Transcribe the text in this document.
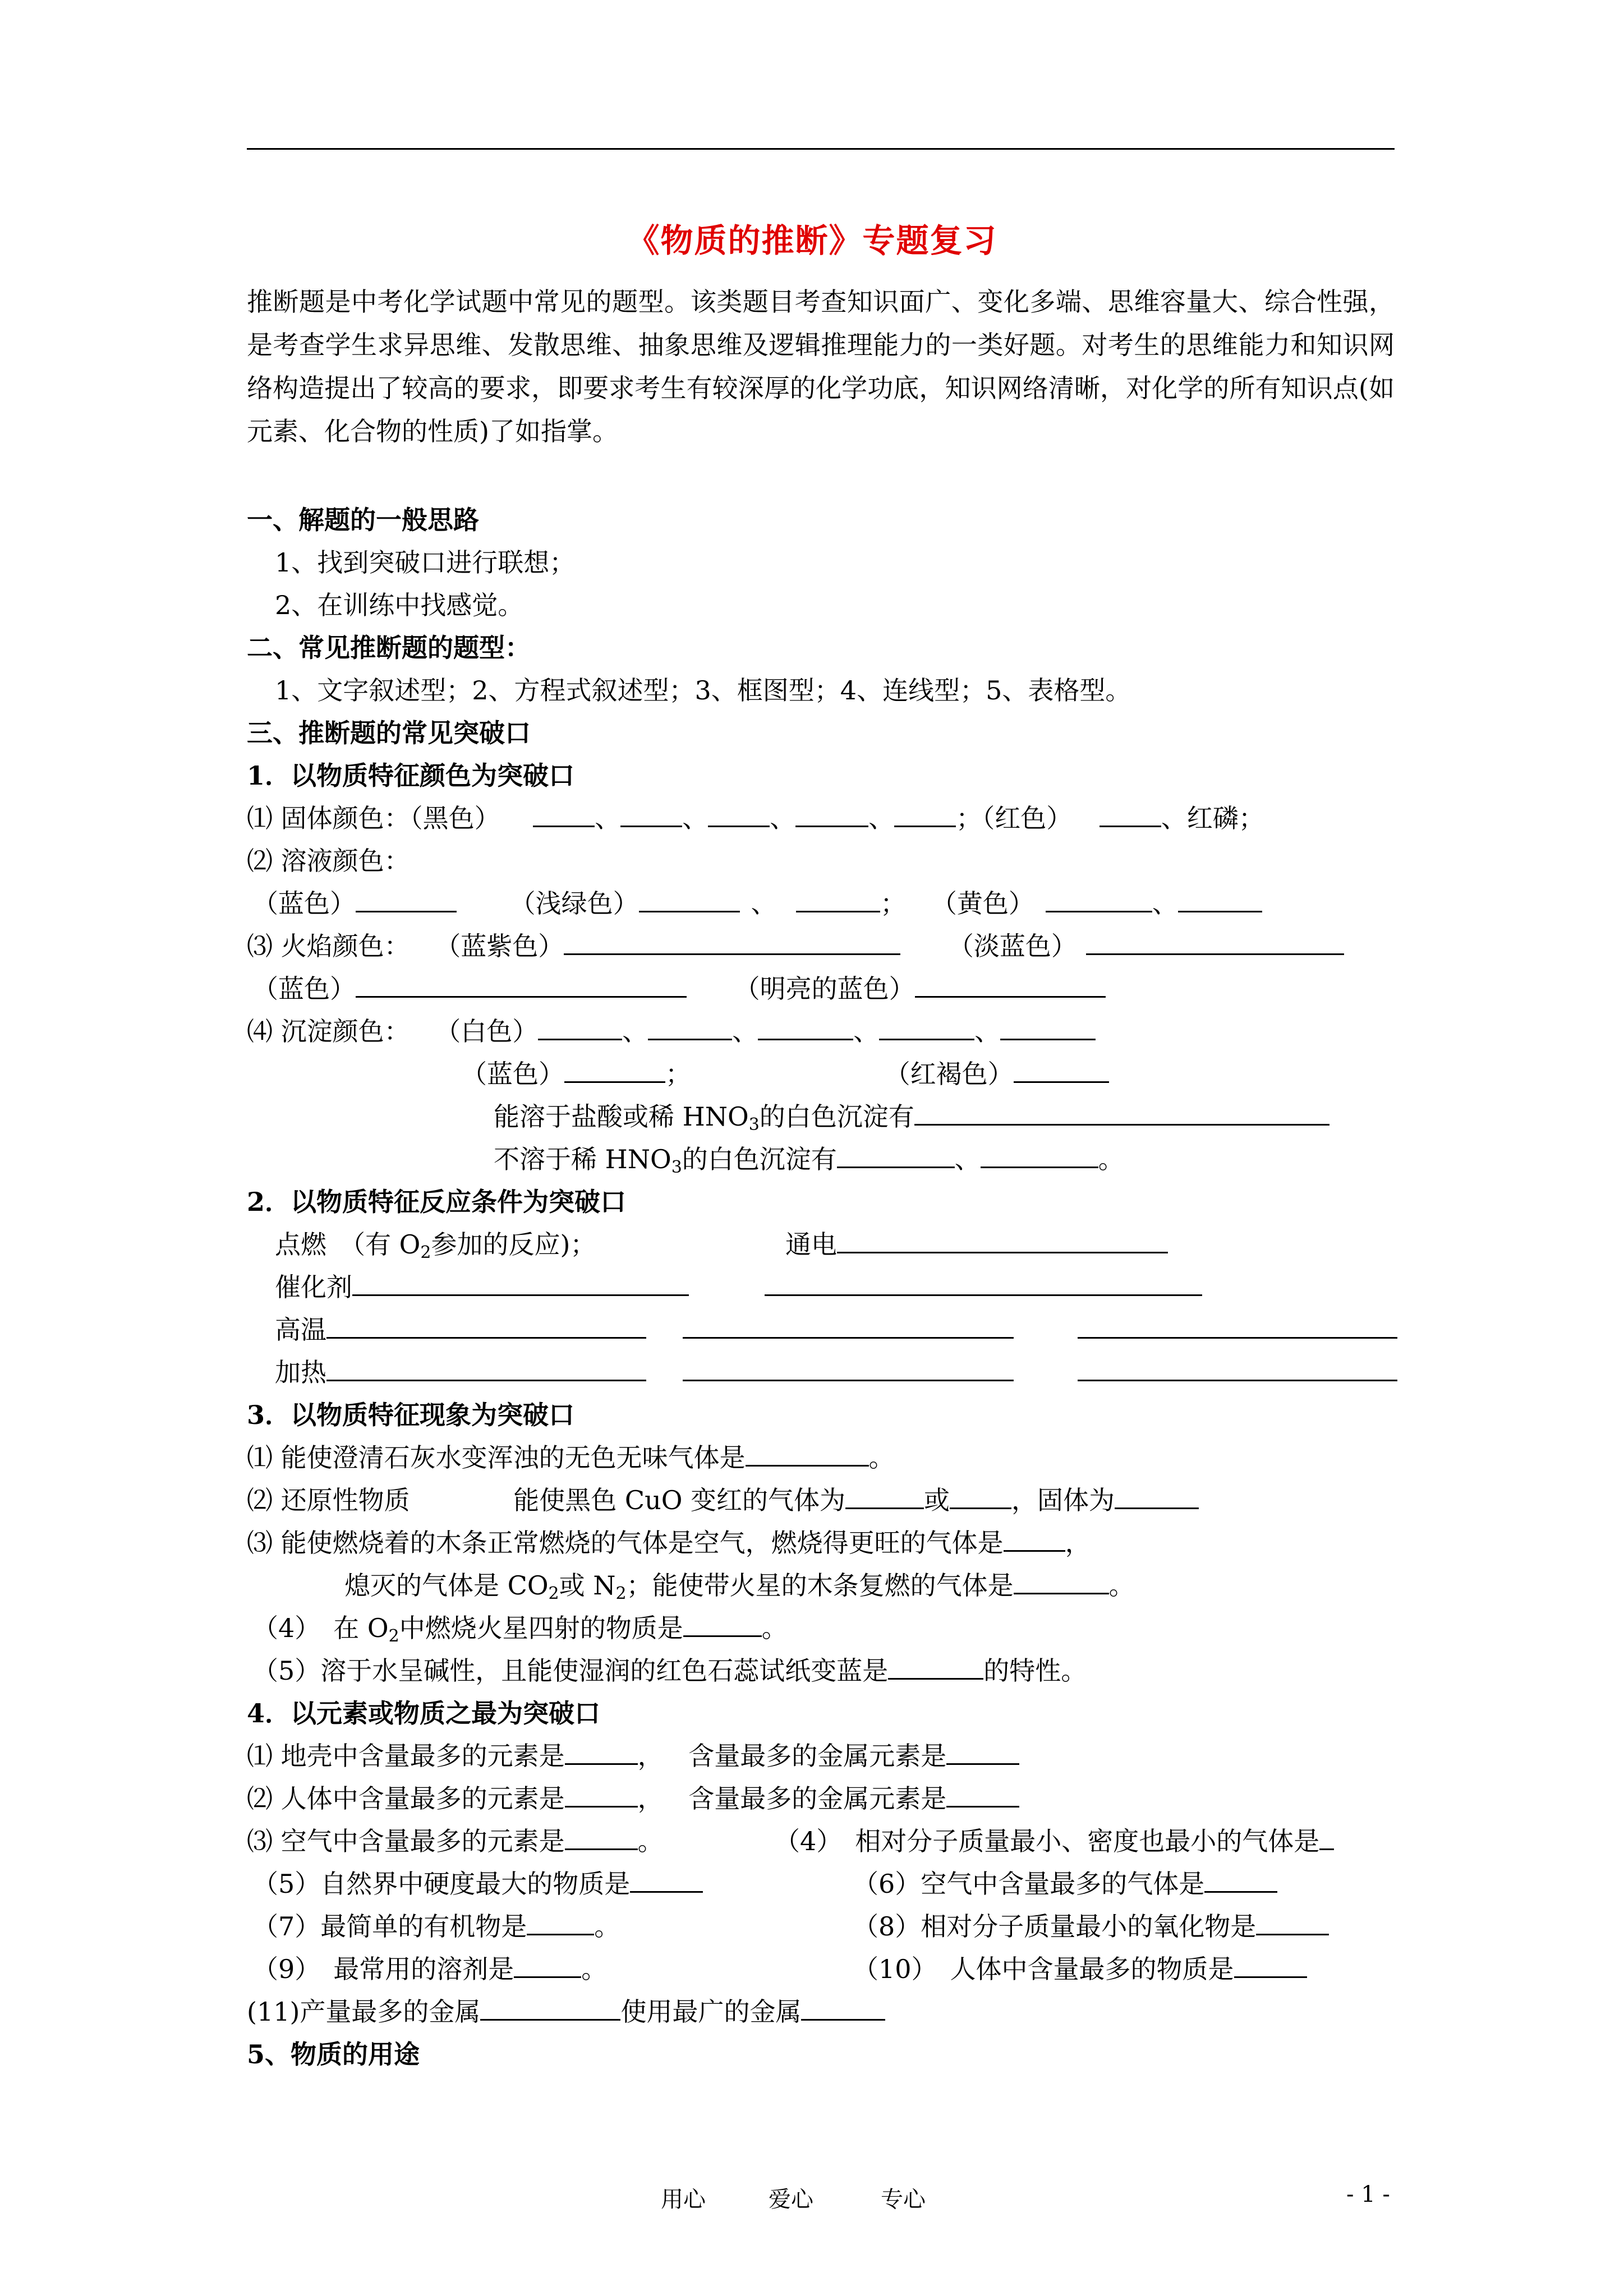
《物质的推断》专题复习
推断题是中考化学试题中常见的题型。该类题目考查知识面广、变化多端、思维容量大、综合性强，是考查学生求异思维、发散思维、抽象思维及逻辑推理能力的一类好题。对考生的思维能力和知识网络构造提出了较高的要求，即要求考生有较深厚的化学功底，知识网络清晰，对化学的所有知识点(如元素、化合物的性质)了如指掌。
一、解题的一般思路
1、找到突破口进行联想；
2、在训练中找感觉。
二、常见推断题的题型：
1、文字叙述型；2、方程式叙述型；3、框图型；4、连线型；5、表格型。
三、推断题的常见突破口
1．以物质特征颜色为突破口
⑴ 固体颜色：（黑色）	、 、 、	、 ；（红色）	、红磷；
⑵ 溶液颜色：
（蓝色）	（浅绿色）	、	； （黄色）	、
⑶ 火焰颜色： （蓝紫色）	（淡蓝色）
（蓝色）	（明亮的蓝色）
⑷ 沉淀颜色： （白色）	、	、	、	、
（蓝色）	；	（红褐色）
能溶于盐酸或稀 $HNO_3$的白色沉淀有
不溶于稀 $HNO_3$的白色沉淀有	、	。
2．以物质特征反应条件为突破口
点燃　（有 $O_2$参加的反应)；	通电
催化剂
高温
加热
3．以物质特征现象为突破口
⑴ 能使澄清石灰水变浑浊的无色无味气体是	。
⑵ 还原性物质	能使黑色 CuO 变红的气体为	或 ，固体为
⑶ 能使燃烧着的木条正常燃烧的气体是空气，燃烧得更旺的气体是 ，
熄灭的气体是 $CO_2$或 $N_2$；能使带火星的木条复燃的气体是	。
（4）　在 $O_2$中燃烧火星四射的物质是	。
（5）溶于水呈碱性，且能使湿润的红色石蕊试纸变蓝是	的特性。
4．以元素或物质之最为突破口
⑴ 地壳中含量最多的元素是	， 含量最多的金属元素是
⑵ 人体中含量最多的元素是	， 含量最多的金属元素是
⑶ 空气中含量最多的元素是	。	（4）　相对分子质量最小、密度也最小的气体是
（5）自然界中硬度最大的物质是	（6）空气中含量最多的气体是
（7）最简单的有机物是	。	（8）相对分子质量最小的氧化物是
（9）　最常用的溶剂是	。	（10）　人体中含量最多的物质是
(11)产量最多的金属	使用最广的金属
5、物质的用途
用心	爱心	专心	- 1 -
